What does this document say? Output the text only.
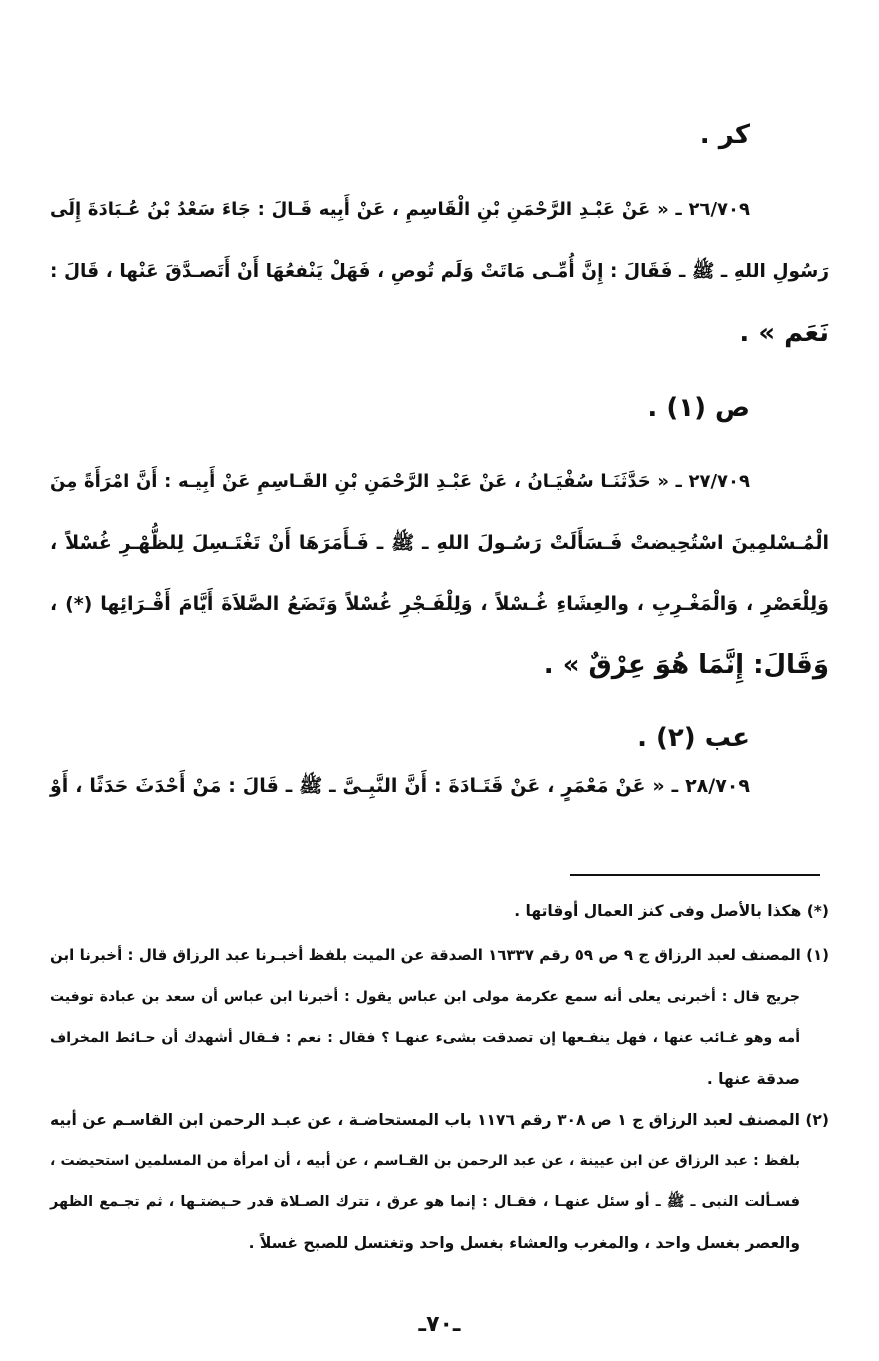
كر .
٢٦/٧٠٩ ـ « عَنْ عَبْـدِ الرَّحْمَنِ بْنِ الْقَاسِمِ ، عَنْ أَبِيه قَـالَ : جَاءَ سَعْدُ بْنُ عُـبَادَةَ إِلَى
رَسُولِ اللهِ ـ ﷺ ـ فَقَالَ : إِنَّ أُمِّـى مَاتَتْ وَلَم تُوصِ ، فَهَلْ يَنْفعُهَا أَنْ أَتَصـدَّقَ عَنْها ، قَالَ :
نَعَم » .
ص (١) .
٢٧/٧٠٩ ـ « حَدَّثَنَـا سُفْيَـانُ ، عَنْ عَبْـدِ الرَّحْمَنِ بْنِ القَـاسِمِ عَنْ أَبِيـه : أَنَّ امْرَأَةً مِنَ
الْمُـسْلمِينَ اسْتُحِيضتْ فَـسَأَلَتْ رَسُـولَ اللهِ ـ ﷺ ـ فَـأَمَرَهَا أَنْ تَغْتَـسِلَ لِلظُّهْـرِ غُسْلاً ،
وَلِلْعَصْرِ ، وَالْمَغْـرِبِ ، والعِشَاءِ غُـسْلاً ، وَلِلْفَـجْرِ غُسْلاً وَتَضَعُ الصَّلاَةَ أَيَّامَ أَقْـرَائِها (*) ،
وَقَالَ: إِنَّمَا هُوَ عِرْقٌ » .
عب (٢) .
٢٨/٧٠٩ ـ « عَنْ مَعْمَرٍ ، عَنْ قَتَـادَةَ : أَنَّ النَّبِـىَّ ـ ﷺ ـ قَالَ : مَنْ أَحْدَثَ حَدَثًا ، أَوْ
(*) هكذا بالأصل وفى كنز العمال أوقاتها .
(١) المصنف لعبد الرزاق ج ٩ ص ٥٩ رقم ١٦٣٣٧ الصدقة عن الميت بلفظ أخبـرنا عبد الرزاق قال : أخبرنا ابن
جريج قال : أخبرنى يعلى أنه سمع عكرمة مولى ابن عباس يقول : أخبرنا ابن عباس أن سعد بن عبادة توفيت
أمه وهو غـائب عنها ، فهل ينفـعها إن تصدقت بشىء عنهـا ؟ فقال : نعم : فـقال أشهدك أن حـائط المخراف
صدقة عنها .
(٢) المصنف لعبد الرزاق ج ١ ص ٣٠٨ رقم ١١٧٦ باب المستحاضـة ، عن عبـد الرحمن ابن القاسـم عن أبيه
بلفظ : عبد الرزاق عن ابن عيينة ، عن عبد الرحمن بن القـاسم ، عن أبيه ، أن امرأة من المسلمين استحيضت ،
فسـألت النبى ـ ﷺ ـ أو سئل عنهـا ، فقـال : إنما هو عرق ، تترك الصـلاة قدر حـيضتـها ، ثم تجـمع الظهر
والعصر بغسل واحد ، والمغرب والعشاء بغسل واحد وتغتسل للصبح غسلاً .
ـ٧٠ـ
